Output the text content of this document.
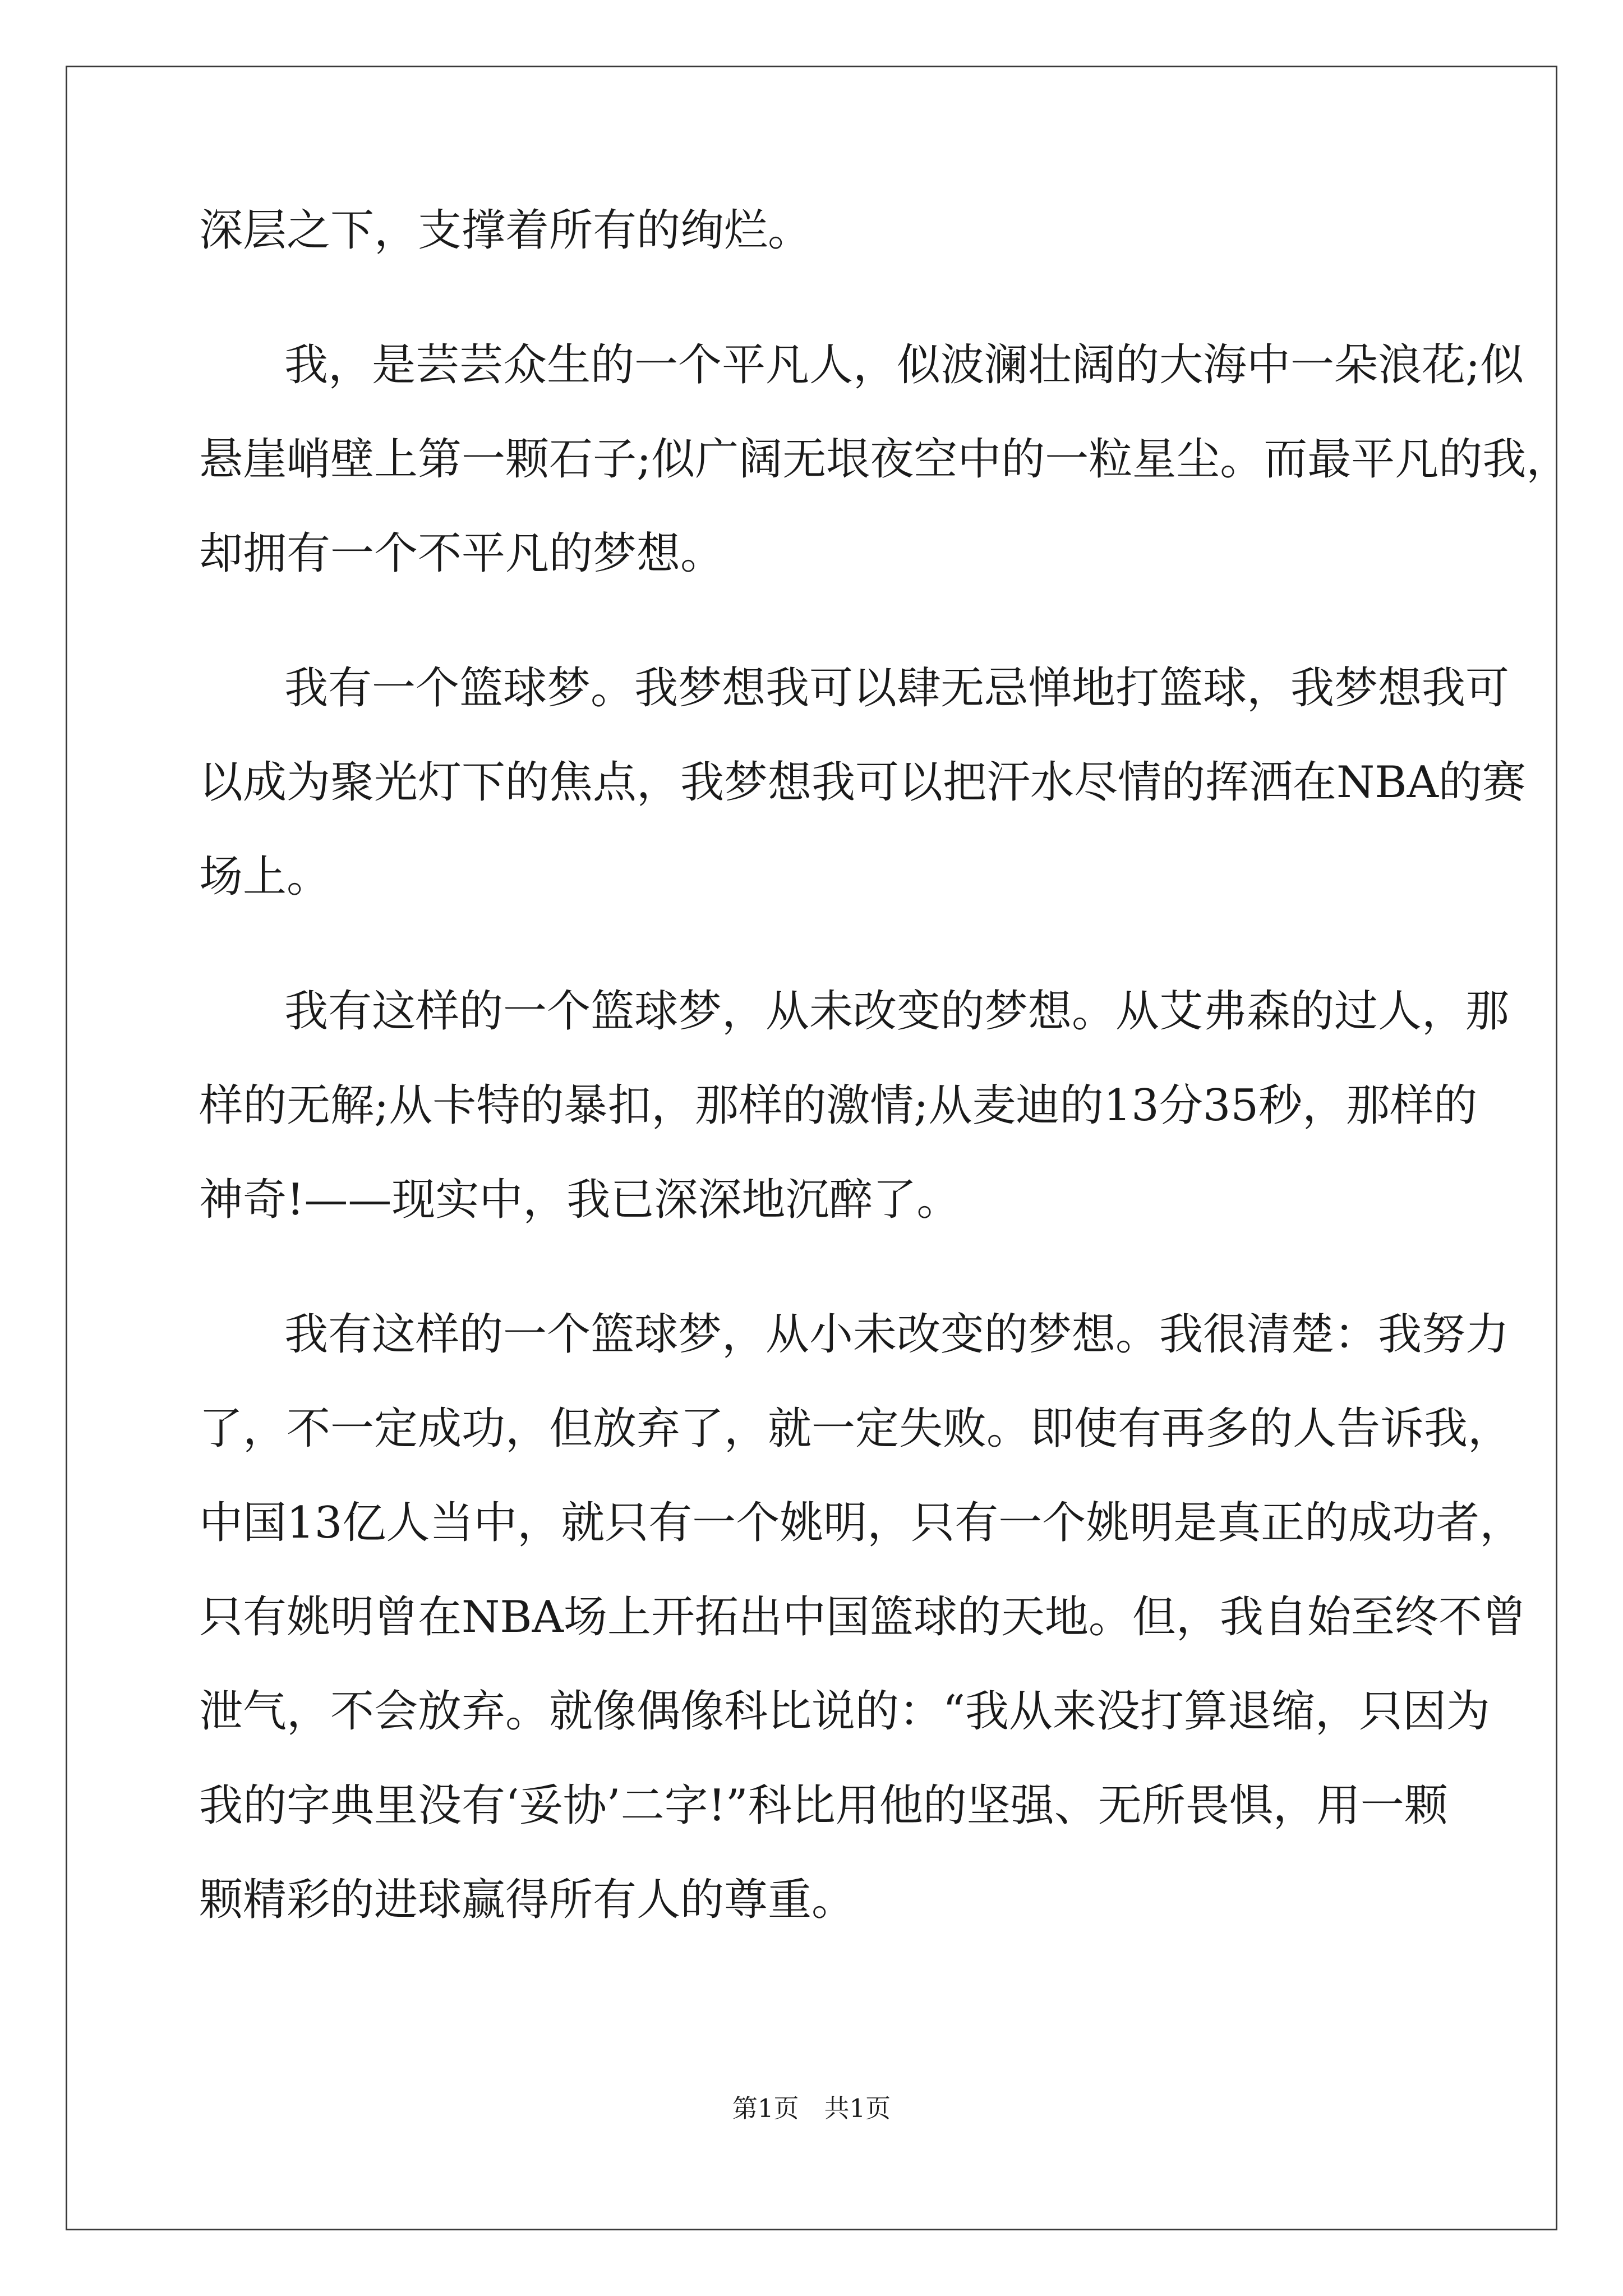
深层之下，支撑着所有的绚烂。
我，是芸芸众生的一个平凡人，似波澜壮阔的大海中一朵浪花;似
悬崖峭壁上第一颗石子;似广阔无垠夜空中的一粒星尘。而最平凡的我，
却拥有一个不平凡的梦想。
我有一个篮球梦。我梦想我可以肆无忌惮地打篮球，我梦想我可
以成为聚光灯下的焦点，我梦想我可以把汗水尽情的挥洒在NBA的赛
场上。
我有这样的一个篮球梦，从未改变的梦想。从艾弗森的过人，那
样的无解;从卡特的暴扣，那样的激情;从麦迪的13分35秒，那样的
神奇!——现实中，我已深深地沉醉了。
我有这样的一个篮球梦，从小未改变的梦想。我很清楚：我努力
了，不一定成功，但放弃了，就一定失败。即使有再多的人告诉我，
中国13亿人当中，就只有一个姚明，只有一个姚明是真正的成功者，
只有姚明曾在NBA场上开拓出中国篮球的天地。但，我自始至终不曾
泄气，不会放弃。就像偶像科比说的：“我从来没打算退缩，只因为
我的字典里没有‘妥协’二字!”科比用他的坚强、无所畏惧，用一颗
颗精彩的进球赢得所有人的尊重。
第1页　共1页
